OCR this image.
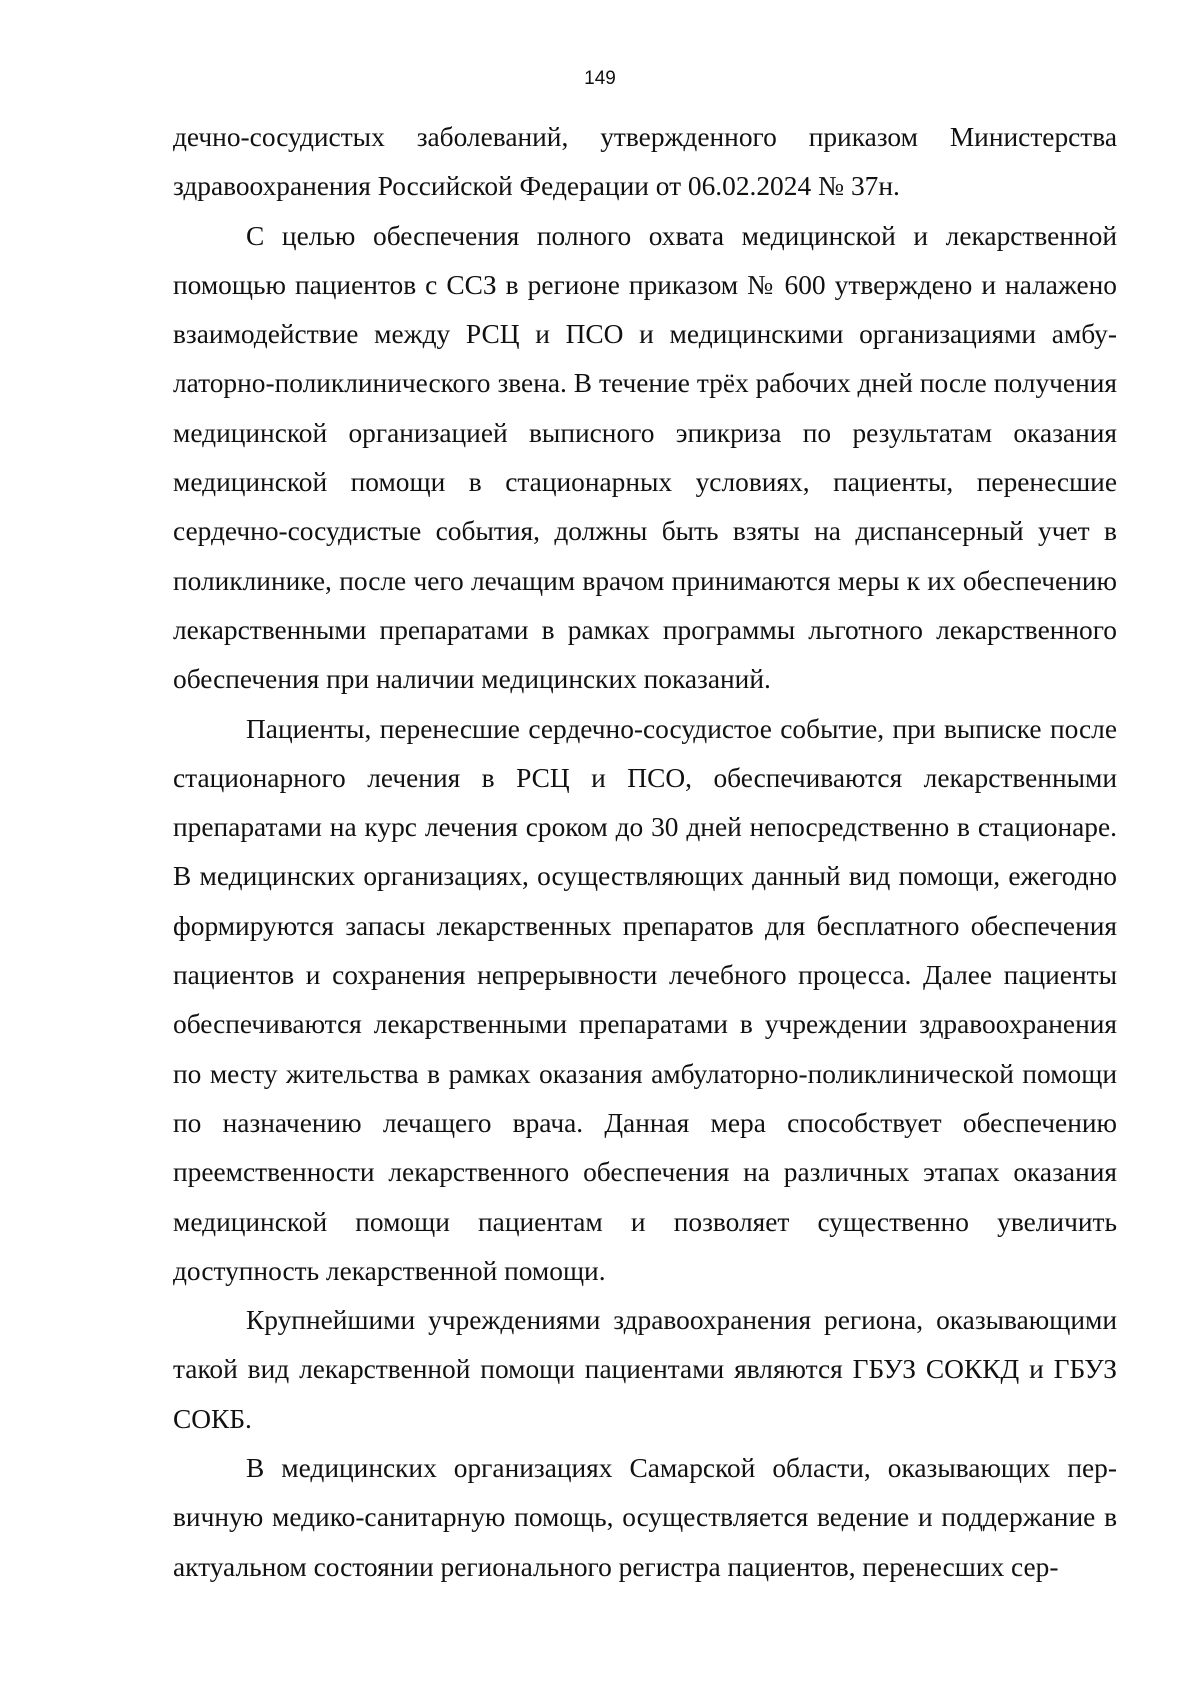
149

дечно-сосудистых заболеваний, утвержденного приказом Министерства здравоохранения Российской Федерации от 06.02.2024 № 37н.

С целью обеспечения полного охвата медицинской и лекарственной помощью пациентов с ССЗ в регионе приказом № 600 утверждено и налажено взаимодействие между РСЦ и ПСО и медицинскими организациями амбулаторно-поликлинического звена. В течение трёх рабочих дней после получения медицинской организацией выписного эпикриза по результатам оказания медицинской помощи в стационарных условиях, пациенты, перенесшие сердечно-сосудистые события, должны быть взяты на диспансерный учет в поликлинике, после чего лечащим врачом принимаются меры к их обеспечению лекарственными препаратами в рамках программы льготного лекарственного обеспечения при наличии медицинских показаний.

Пациенты, перенесшие сердечно-сосудистое событие, при выписке после стационарного лечения в РСЦ и ПСО, обеспечиваются лекарственными препаратами на курс лечения сроком до 30 дней непосредственно в стационаре. В медицинских организациях, осуществляющих данный вид помощи, ежегодно формируются запасы лекарственных препаратов для бесплатного обеспечения пациентов и сохранения непрерывности лечебного процесса. Далее пациенты обеспечиваются лекарственными препаратами в учреждении здравоохранения по месту жительства в рамках оказания амбулаторно-поликлинической помощи по назначению лечащего врача. Данная мера способствует обеспечению преемственности лекарственного обеспечения на различных этапах оказания медицинской помощи пациентам и позволяет существенно увеличить доступность лекарственной помощи.

Крупнейшими учреждениями здравоохранения региона, оказывающими такой вид лекарственной помощи пациентами являются ГБУЗ СОККД и ГБУЗ СОКБ.

В медицинских организациях Самарской области, оказывающих первичную медико-санитарную помощь, осуществляется ведение и поддержание в актуальном состоянии регионального регистра пациентов, перенесших сер-
